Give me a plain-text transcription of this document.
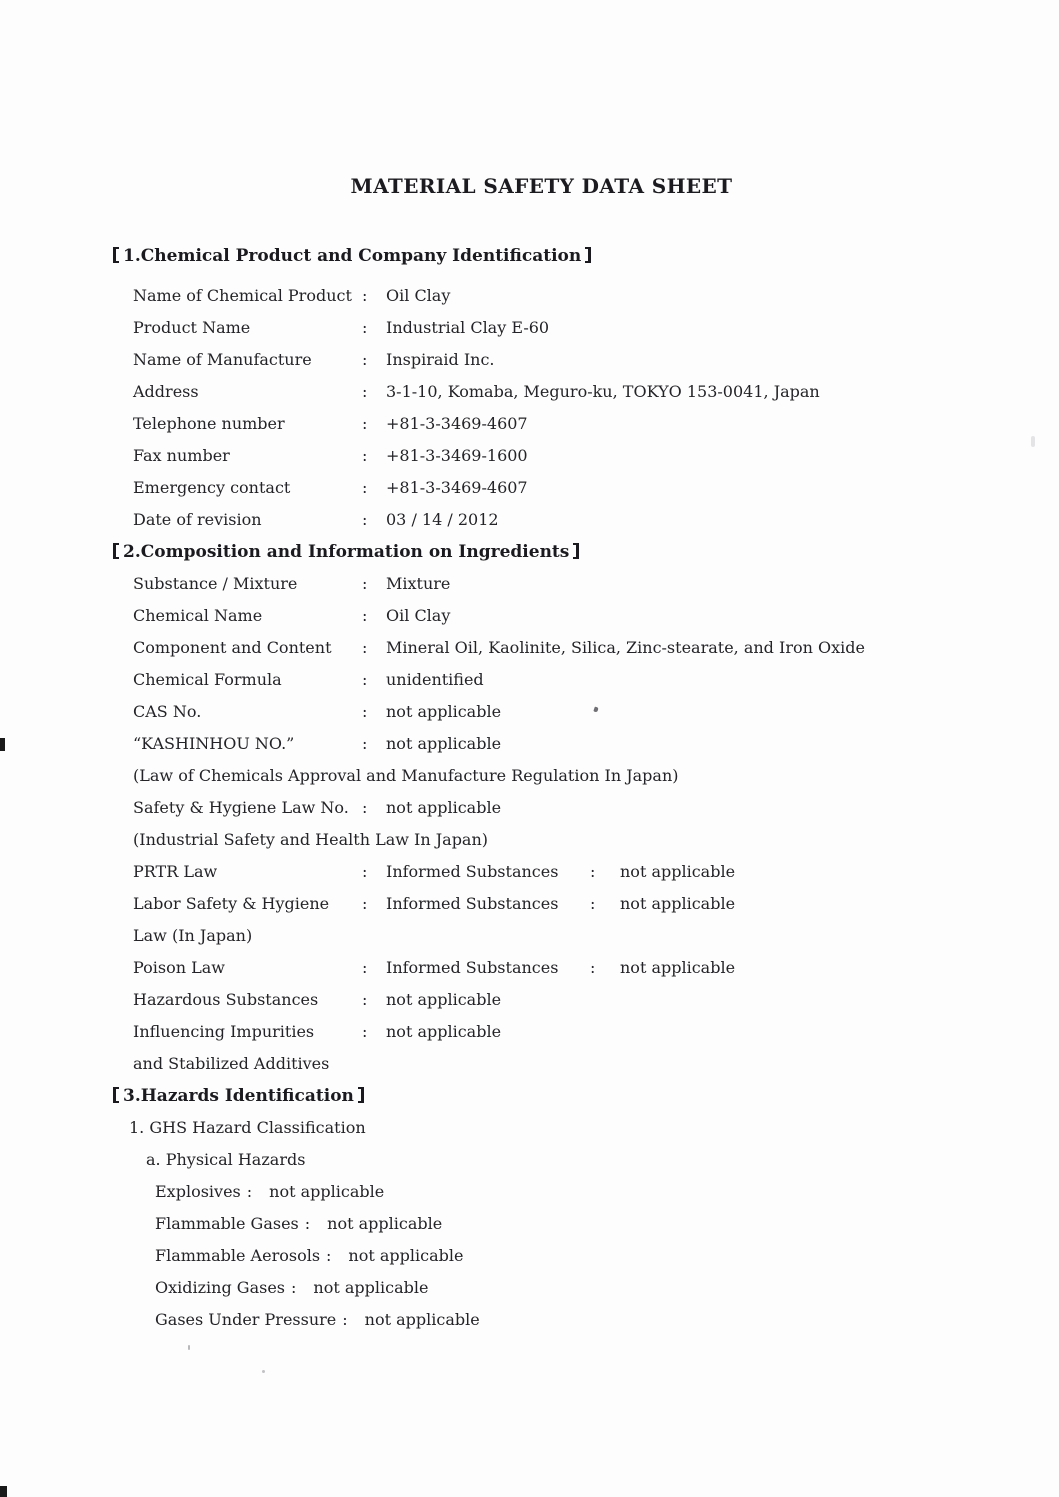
MATERIAL SAFETY DATA SHEET
1.Chemical Product and Company Identification
Name of Chemical Product :	Oil Clay
Product Name	:	Industrial Clay E-60
Name of Manufacture	:	Inspiraid Inc.
Address	:	3-1-10, Komaba, Meguro-ku, TOKYO 153-0041, Japan
Telephone number	:	+81-3-3469-4607
Fax number	:	+81-3-3469-1600
Emergency contact	:	+81-3-3469-4607
Date of revision	:	03 / 14 / 2012
2.Composition and Information on Ingredients
Substance / Mixture	:	Mixture
Chemical Name	:	Oil Clay
Component and Content	:	Mineral Oil, Kaolinite, Silica, Zinc-stearate, and Iron Oxide
Chemical Formula	:	unidentified
CAS No.	:	not applicable
“KASHINHOU NO.”	:	not applicable
(Law of Chemicals Approval and Manufacture Regulation In Japan)
Safety & Hygiene Law No. :	not applicable
(Industrial Safety and Health Law In Japan)
PRTR Law	:	Informed Substances	:	not applicable
Labor Safety & Hygiene	:	Informed Substances	:	not applicable
Law (In Japan)
Poison Law	:	Informed Substances	:	not applicable
Hazardous Substances	:	not applicable
Influencing Impurities	:	not applicable
and Stabilized Additives
3.Hazards Identification
1. GHS Hazard Classification
a. Physical Hazards
Explosives : not applicable
Flammable Gases : not applicable
Flammable Aerosols : not applicable
Oxidizing Gases : not applicable
Gases Under Pressure : not applicable
